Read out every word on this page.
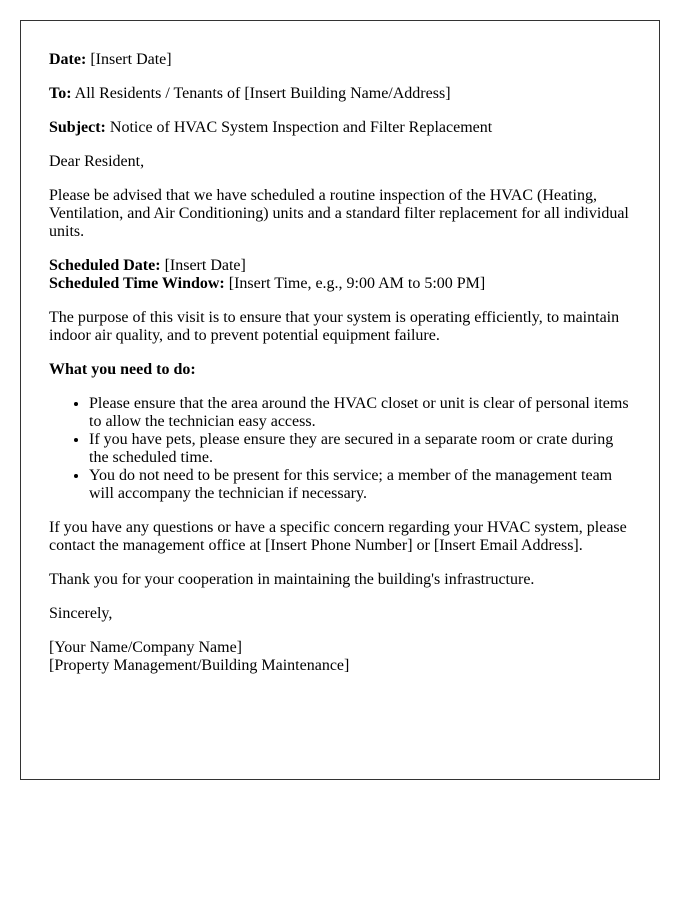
Date: [Insert Date]

To: All Residents / Tenants of [Insert Building Name/Address]

Subject: Notice of HVAC System Inspection and Filter Replacement

Dear Resident,

Please be advised that we have scheduled a routine inspection of the HVAC (Heating, Ventilation, and Air Conditioning) units and a standard filter replacement for all individual units.

Scheduled Date: [Insert Date]
Scheduled Time Window: [Insert Time, e.g., 9:00 AM to 5:00 PM]

The purpose of this visit is to ensure that your system is operating efficiently, to maintain indoor air quality, and to prevent potential equipment failure.

What you need to do:

• Please ensure that the area around the HVAC closet or unit is clear of personal items to allow the technician easy access.
• If you have pets, please ensure they are secured in a separate room or crate during the scheduled time.
• You do not need to be present for this service; a member of the management team will accompany the technician if necessary.

If you have any questions or have a specific concern regarding your HVAC system, please contact the management office at [Insert Phone Number] or [Insert Email Address].

Thank you for your cooperation in maintaining the building's infrastructure.

Sincerely,

[Your Name/Company Name]
[Property Management/Building Maintenance]
